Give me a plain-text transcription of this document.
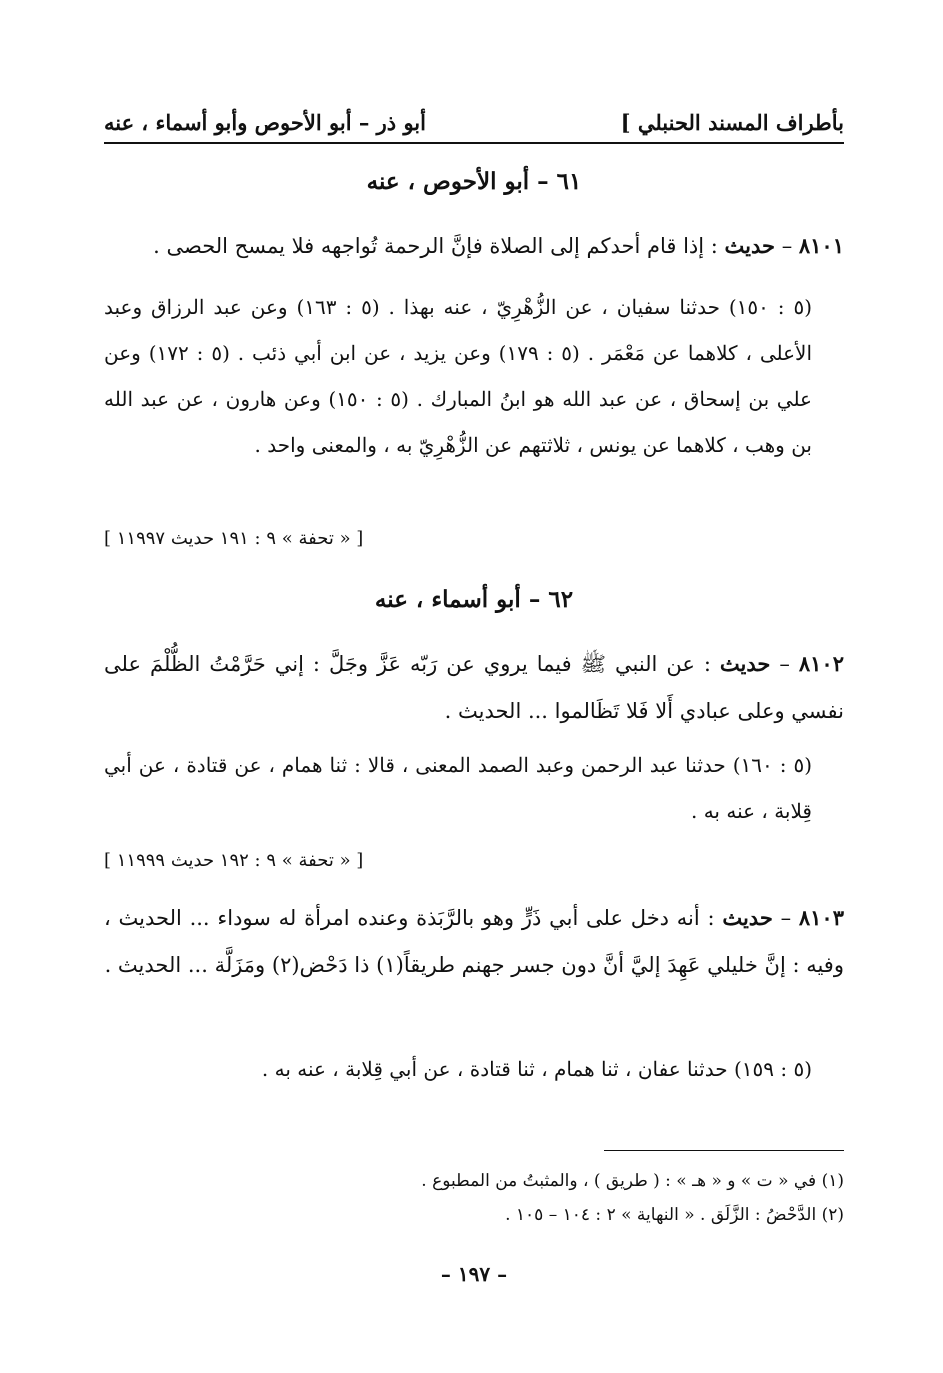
بأطراف المسند الحنبلي ]
أبو ذر – أبو الأحوص وأبو أسماء ، عنه
٦١ – أبو الأحوص ، عنه
٨١٠١ – حديث : إذا قام أحدكم إلى الصلاة فإنَّ الرحمة تُواجهه فلا يمسح الحصى .
(٥ : ١٥٠) حدثنا سفيان ، عن الزُّهْرِيّ ، عنه بهذا . (٥ : ١٦٣) وعن عبد الرزاق وعبد الأعلى ، كلاهما عن مَعْمَر . (٥ : ١٧٩) وعن يزيد ، عن ابن أبي ذئب . (٥ : ١٧٢) وعن علي بن إسحاق ، عن عبد الله هو ابنُ المبارك . (٥ : ١٥٠) وعن هارون ، عن عبد الله بن وهب ، كلاهما عن يونس ، ثلاثتهم عن الزُّهْرِيّ به ، والمعنى واحد .
[ « تحفة » ٩ : ١٩١ حديث ١١٩٩٧ ]
٦٢ – أبو أسماء ، عنه
٨١٠٢ – حديث : عن النبي ﷺ فيما يروي عن رَبّه عَزَّ وجَلَّ : إني حَرَّمْتُ الظُّلْمَ على نفسي وعلى عبادي أَلا فَلا تَظَالموا ... الحديث .
(٥ : ١٦٠) حدثنا عبد الرحمن وعبد الصمد المعنى ، قالا : ثنا همام ، عن قتادة ، عن أبي قِلابة ، عنه به .
[ « تحفة » ٩ : ١٩٢ حديث ١١٩٩٩ ]
٨١٠٣ – حديث : أنه دخل على أبي ذَرٍّ وهو بالرَّبَذة وعنده امرأة له سوداء ... الحديث ، وفيه : إنَّ خليلي عَهِدَ إليَّ أنَّ دون جسر جهنم طريقاً(١) ذا دَحْض(٢) ومَزَلَّة ... الحديث .
(٥ : ١٥٩) حدثنا عفان ، ثنا همام ، ثنا قتادة ، عن أبي قِلابة ، عنه به .
(١) في « ت » و « هـ » : ( طريق ) ، والمثبتُ من المطبوع .
(٢) الدَّحْضُ : الزَّلَق . « النهاية » ٢ : ١٠٤ – ١٠٥ .
– ١٩٧ –
